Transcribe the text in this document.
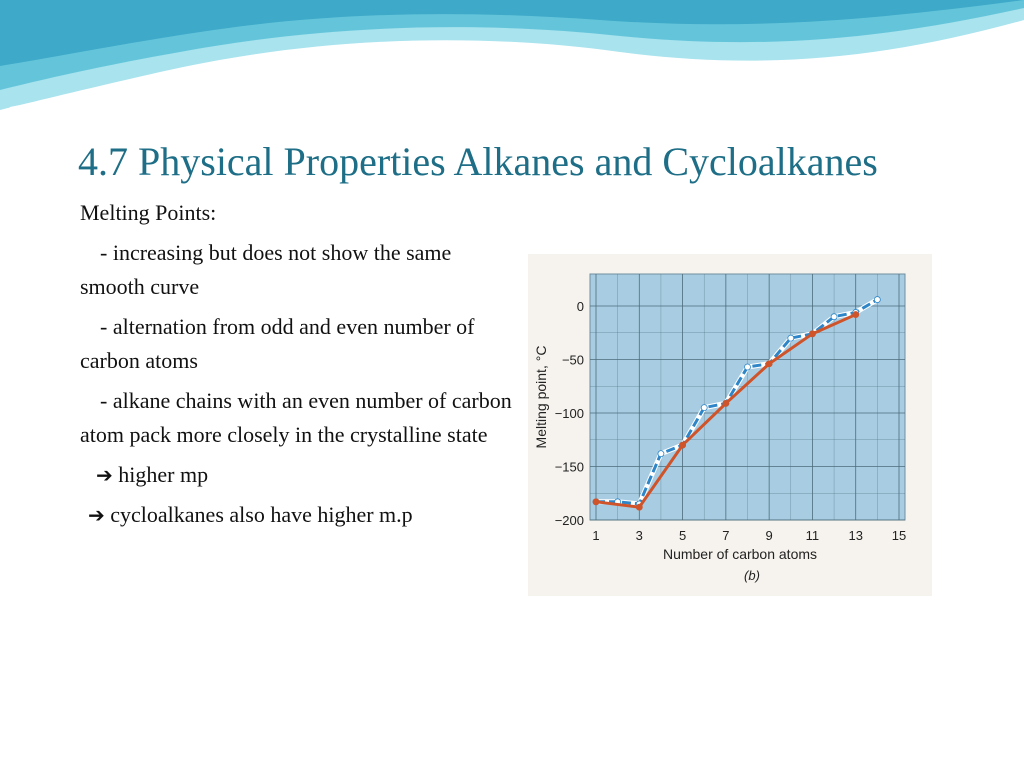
4.7 Physical Properties Alkanes and Cycloalkanes

Melting Points:

- increasing but does not show the same smooth curve

- alternation from odd and even number of carbon atoms

- alkane chains with an even number of carbon atom pack more closely in the crystalline state

➔ higher mp

➔ cycloalkanes also have higher m.p

0
−50
−100
−150
−200
1	3	5	7	9	11 13 15
Number of carbon atoms
(b)
Melting point, °C
